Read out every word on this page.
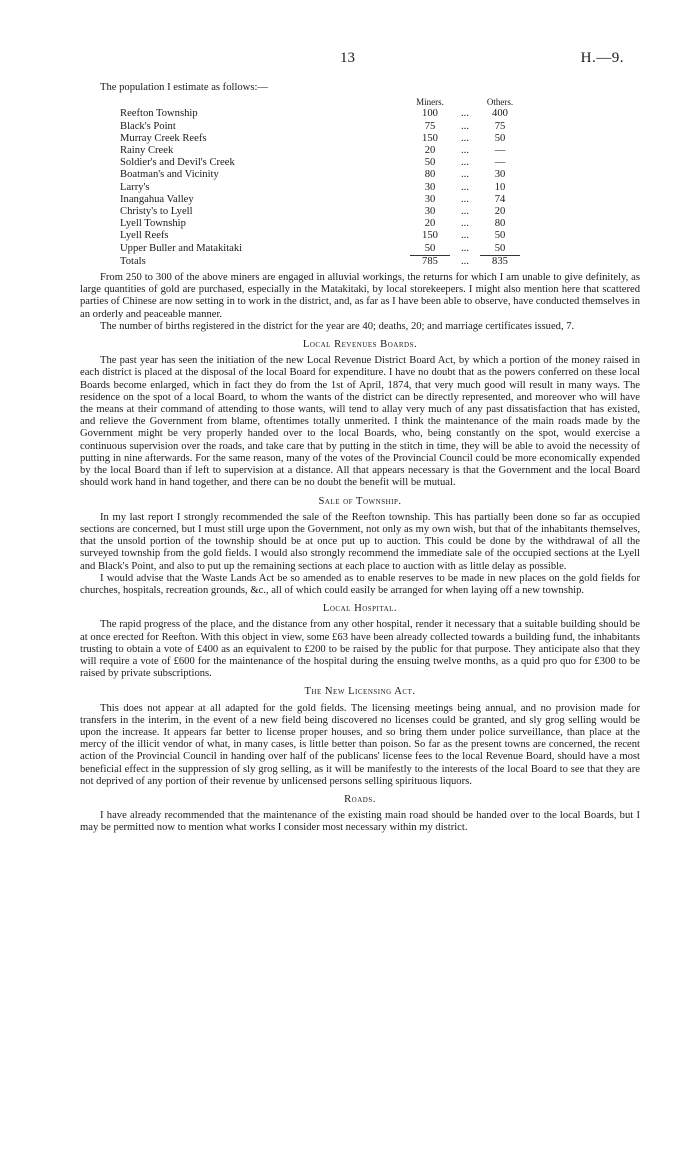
13	H.—9.

The population I estimate as follows:—

	Miners.		Others.
Reefton Township	100	...	400
Black's Point	75	...	75
Murray Creek Reefs	150	...	50
Rainy Creek	20	...	—
Soldier's and Devil's Creek	50	...	—
Boatman's and Vicinity	80	...	30
Larry's	30	...	10
Inangahua Valley	30	...	74
Christy's to Lyell	30	...	20
Lyell Township	20	...	80
Lyell Reefs	150	...	50
Upper Buller and Matakitaki	50	...	50
Totals	785	...	835

From 250 to 300 of the above miners are engaged in alluvial workings, the returns for which I am unable to give definitely, as large quantities of gold are purchased, especially in the Matakitaki, by local storekeepers. I might also mention here that scattered parties of Chinese are now setting in to work in the district, and, as far as I have been able to observe, have conducted themselves in an orderly and peaceable manner.

The number of births registered in the district for the year are 40; deaths, 20; and marriage certificates issued, 7.

Local Revenues Boards.

The past year has seen the initiation of the new Local Revenue District Board Act, by which a portion of the money raised in each district is placed at the disposal of the local Board for expenditure. I have no doubt that as the powers conferred on these local Boards become enlarged, which in fact they do from the 1st of April, 1874, that very much good will result in many ways. The residence on the spot of a local Board, to whom the wants of the district can be directly represented, and moreover who will have the means at their command of attending to those wants, will tend to allay very much of any past dissatisfaction that has existed, and relieve the Government from blame, oftentimes totally unmerited. I think the maintenance of the main roads made by the Government might be very properly handed over to the local Boards, who, being constantly on the spot, would exercise a continuous supervision over the roads, and take care that by putting in the stitch in time, they will be able to avoid the necessity of putting in nine afterwards. For the same reason, many of the votes of the Provincial Council could be more economically expended by the local Board than if left to supervision at a distance. All that appears necessary is that the Government and the local Board should work hand in hand together, and there can be no doubt the benefit will be mutual.

Sale of Township.

In my last report I strongly recommended the sale of the Reefton township. This has partially been done so far as occupied sections are concerned, but I must still urge upon the Government, not only as my own wish, but that of the inhabitants themselves, that the unsold portion of the township should be at once put up to auction. This could be done by the withdrawal of all the surveyed township from the gold fields. I would also strongly recommend the immediate sale of the occupied sections at the Lyell and Black's Point, and also to put up the remaining sections at each place to auction with as little delay as possible.

I would advise that the Waste Lands Act be so amended as to enable reserves to be made in new places on the gold fields for churches, hospitals, recreation grounds, &c., all of which could easily be arranged for when laying off a new township.

Local Hospital.

The rapid progress of the place, and the distance from any other hospital, render it necessary that a suitable building should be at once erected for Reefton. With this object in view, some £63 have been already collected towards a building fund, the inhabitants trusting to obtain a vote of £400 as an equivalent to £200 to be raised by the public for that purpose. They anticipate also that they will require a vote of £600 for the maintenance of the hospital during the ensuing twelve months, as a quid pro quo for £300 to be raised by private subscriptions.

The New Licensing Act.

This does not appear at all adapted for the gold fields. The licensing meetings being annual, and no provision made for transfers in the interim, in the event of a new field being discovered no licenses could be granted, and sly grog selling would be upon the increase. It appears far better to license proper houses, and so bring them under police surveillance, than place at the mercy of the illicit vendor of what, in many cases, is little better than poison. So far as the present towns are concerned, the recent action of the Provincial Council in handing over half of the publicans' license fees to the local Revenue Board, should have a most beneficial effect in the suppression of sly grog selling, as it will be manifestly to the interests of the local Board to see that they are not deprived of any portion of their revenue by unlicensed persons selling spirituous liquors.

Roads.

I have already recommended that the maintenance of the existing main road should be handed over to the local Boards, but I may be permitted now to mention what works I consider most necessary within my district.
